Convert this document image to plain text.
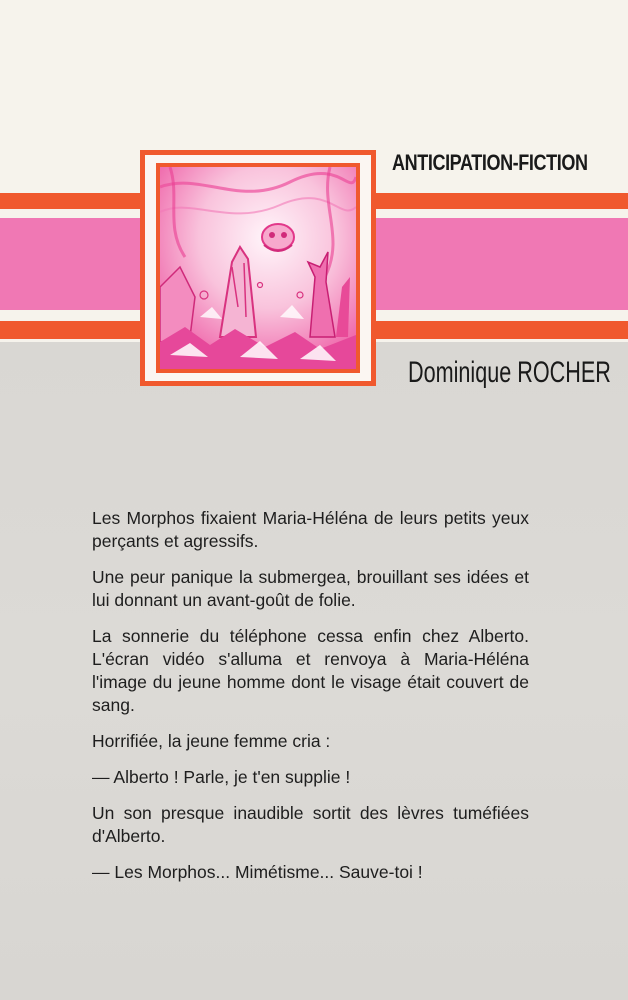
ANTICIPATION-FICTION
Dominique ROCHER

Les Morphos fixaient Maria-Héléna de leurs petits yeux perçants et agressifs.

Une peur panique la submergea, brouillant ses idées et lui donnant un avant-goût de folie.

La sonnerie du téléphone cessa enfin chez Alberto. L'écran vidéo s'alluma et renvoya à Maria-Héléna l'image du jeune homme dont le visage était couvert de sang.

Horrifiée, la jeune femme cria :

— Alberto ! Parle, je t'en supplie !

Un son presque inaudible sortit des lèvres tuméfiées d'Alberto.

— Les Morphos... Mimétisme... Sauve-toi !
